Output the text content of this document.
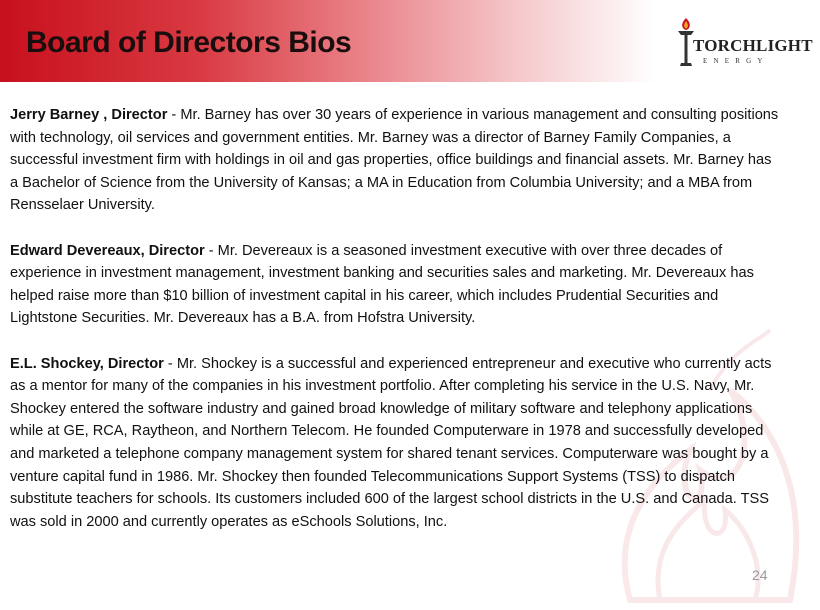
Board of Directors Bios	TORCHLIGHT
ENERGY

Jerry Barney , Director - Mr. Barney has over 30 years of experience in various management and consulting positions with technology, oil services and government entities. Mr. Barney was a director of Barney Family Companies, a successful investment firm with holdings in oil and gas properties, office buildings and financial assets. Mr. Barney has a Bachelor of Science from the University of Kansas; a MA in Education from Columbia University; and a MBA from Rensselaer University.

Edward Devereaux, Director - Mr. Devereaux is a seasoned investment executive with over three decades of experience in investment management, investment banking and securities sales and marketing. Mr. Devereaux has helped raise more than $10 billion of investment capital in his career, which includes Prudential Securities and Lightstone Securities. Mr. Devereaux has a B.A. from Hofstra University.

E.L. Shockey, Director - Mr. Shockey is a successful and experienced entrepreneur and executive who currently acts as a mentor for many of the companies in his investment portfolio. After completing his service in the U.S. Navy, Mr. Shockey entered the software industry and gained broad knowledge of military software and telephony applications while at GE, RCA, Raytheon, and Northern Telecom. He founded Computerware in 1978 and successfully developed and marketed a telephone company management system for shared tenant services. Computerware was bought by a venture capital fund in 1986. Mr. Shockey then founded Telecommunications Support Systems (TSS) to dispatch substitute teachers for schools. Its customers included 600 of the largest school districts in the U.S. and Canada. TSS was sold in 2000 and currently operates as eSchools Solutions, Inc.

24
